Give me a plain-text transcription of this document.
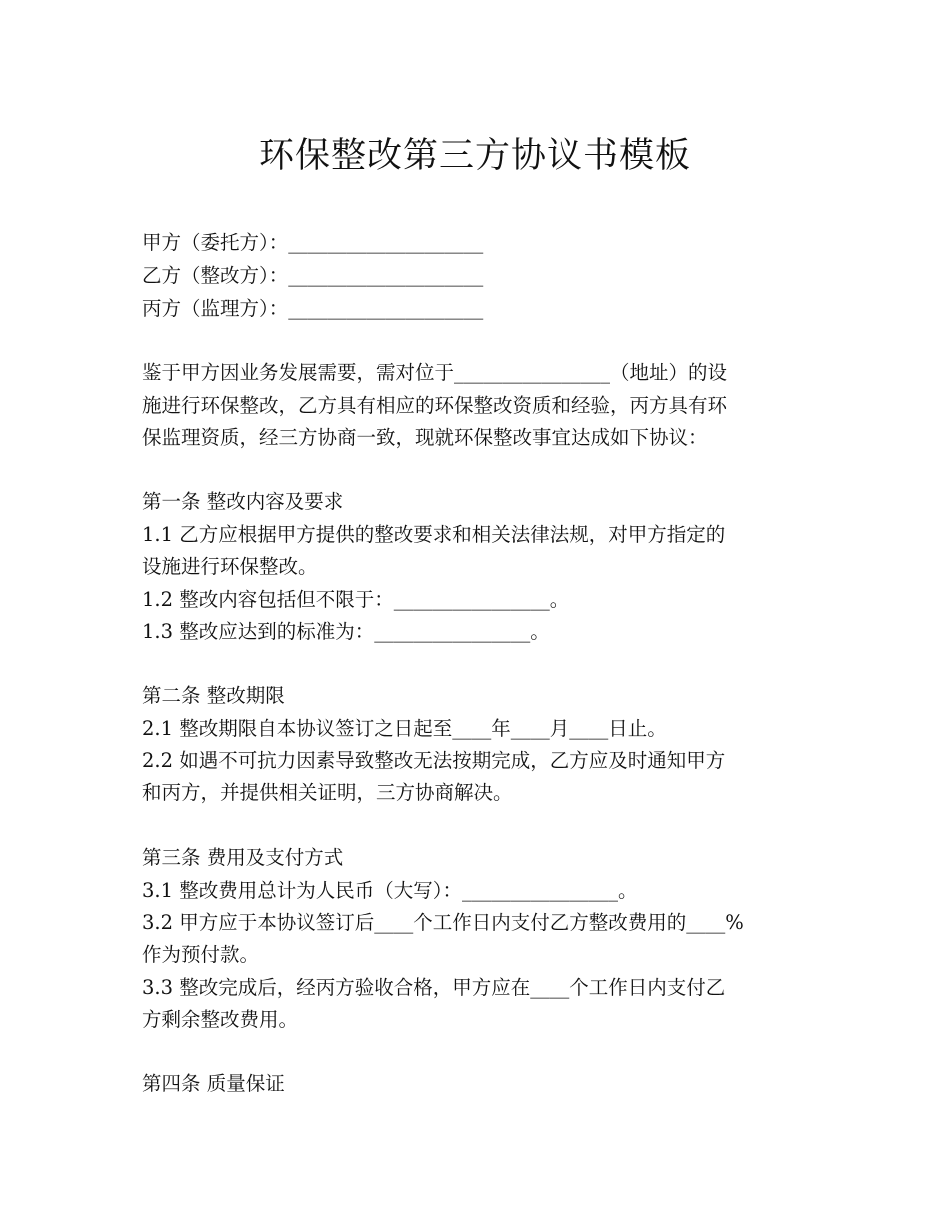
环保整改第三方协议书模板
甲方（委托方）：____________________
乙方（整改方）：____________________
丙方（监理方）：____________________
鉴于甲方因业务发展需要，需对位于________________（地址）的设
施进行环保整改，乙方具有相应的环保整改资质和经验，丙方具有环
保监理资质，经三方协商一致，现就环保整改事宜达成如下协议：
第一条 整改内容及要求
1.1 乙方应根据甲方提供的整改要求和相关法律法规，对甲方指定的
设施进行环保整改。
1.2 整改内容包括但不限于：________________。
1.3 整改应达到的标准为：________________。
第二条 整改期限
2.1 整改期限自本协议签订之日起至____年____月____日止。
2.2 如遇不可抗力因素导致整改无法按期完成，乙方应及时通知甲方
和丙方，并提供相关证明，三方协商解决。
第三条 费用及支付方式
3.1 整改费用总计为人民币（大写）：________________。
3.2 甲方应于本协议签订后____个工作日内支付乙方整改费用的____%
作为预付款。
3.3 整改完成后，经丙方验收合格，甲方应在____个工作日内支付乙
方剩余整改费用。
第四条 质量保证
